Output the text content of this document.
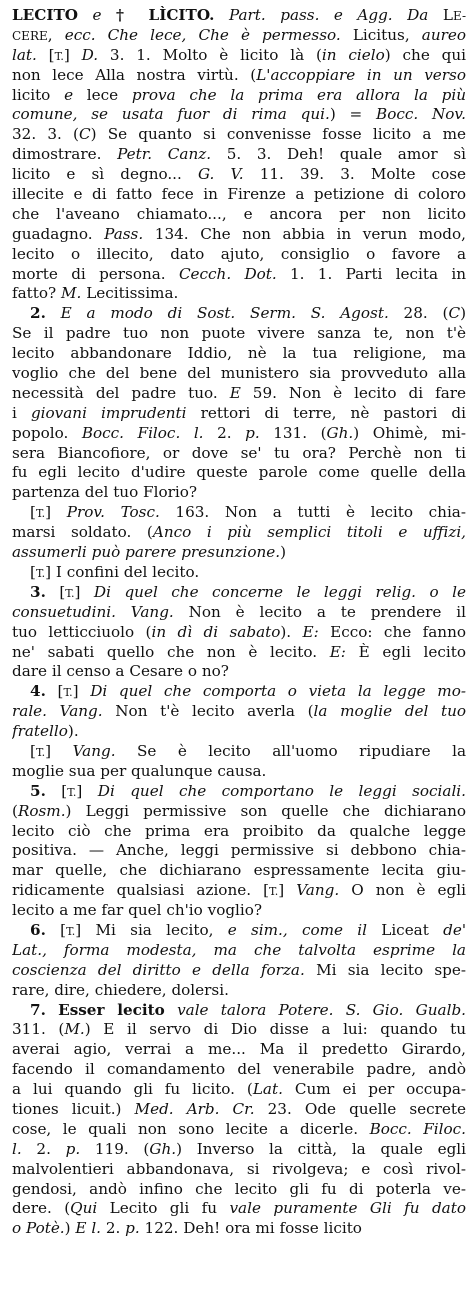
LECITO e † LÌCITO. Part. pass. e Agg. Da LE-
CERE, ecc. Che lece, Che è permesso. Licitus, aureo
lat. [T.] D. 3. 1. Molto è licito là (in cielo) che qui
non lece Alla nostra virtù. (L'accoppiare in un verso
licito e lece prova che la prima era allora la più
comune, se usata fuor di rima qui.) = Bocc. Nov.
32. 3. (C) Se quanto si convenisse fosse licito a me
dimostrare. Petr. Canz. 5. 3. Deh! quale amor sì
licito e sì degno... G. V. 11. 39. 3. Molte cose
illecite e di fatto fece in Firenze a petizione di coloro
che l'aveano chiamato..., e ancora per non licito
guadagno. Pass. 134. Che non abbia in verun modo,
lecito o illecito, dato ajuto, consiglio o favore a
morte di persona. Cecch. Dot. 1. 1. Parti lecita in
fatto? M. Lecitissima.
2. E a modo di Sost. Serm. S. Agost. 28. (C)
Se il padre tuo non puote vivere sanza te, non t'è
lecito abbandonare Iddio, nè la tua religione, ma
voglio che del bene del munistero sia provveduto alla
necessità del padre tuo. E 59. Non è lecito di fare
i giovani imprudenti rettori di terre, nè pastori di
popolo. Bocc. Filoc. l. 2. p. 131. (Gh.) Ohimè, mi-
sera Biancofiore, or dove se' tu ora? Perchè non ti
fu egli lecito d'udire queste parole come quelle della
partenza del tuo Florio?
[T.] Prov. Tosc. 163. Non a tutti è lecito chia-
marsi soldato. (Anco i più semplici titoli e uffizi,
assumerli può parere presunzione.)
[T.] I confini del lecito.
3. [T.] Di quel che concerne le leggi relig. o le
consuetudini. Vang. Non è lecito a te prendere il
tuo letticciuolo (in dì di sabato). E: Ecco: che fanno
ne' sabati quello che non è lecito. E: È egli lecito
dare il censo a Cesare o no?
4. [T.] Di quel che comporta o vieta la legge mo-
rale. Vang. Non t'è lecito averla (la moglie del tuo
fratello).
[T.] Vang. Se è lecito all'uomo ripudiare la
moglie sua per qualunque causa.
5. [T.] Di quel che comportano le leggi sociali.
(Rosm.) Leggi permissive son quelle che dichiarano
lecito ciò che prima era proibito da qualche legge
positiva. — Anche, leggi permissive si debbono chia-
mar quelle, che dichiarano espressamente lecita giu-
ridicamente qualsiasi azione. [T.] Vang. O non è egli
lecito a me far quel ch'io voglio?
6. [T.] Mi sia lecito, e sim., come il Liceat de'
Lat., forma modesta, ma che talvolta esprime la
coscienza del diritto e della forza. Mi sia lecito spe-
rare, dire, chiedere, dolersi.
7. Esser lecito vale talora Potere. S. Gio. Gualb.
311. (M.) E il servo di Dio disse a lui: quando tu
averai agio, verrai a me... Ma il predetto Girardo,
facendo il comandamento del venerabile padre, andò
a lui quando gli fu licito. (Lat. Cum ei per occupa-
tiones licuit.) Med. Arb. Cr. 23. Ode quelle secrete
cose, le quali non sono lecite a dicerle. Bocc. Filoc.
l. 2. p. 119. (Gh.) Inverso la città, la quale egli
malvolentieri abbandonava, si rivolgeva; e così rivol-
gendosi, andò infino che lecito gli fu di poterla ve-
dere. (Qui Lecito gli fu vale puramente Gli fu dato
o Potè.) E l. 2. p. 122. Deh! ora mi fosse licito
